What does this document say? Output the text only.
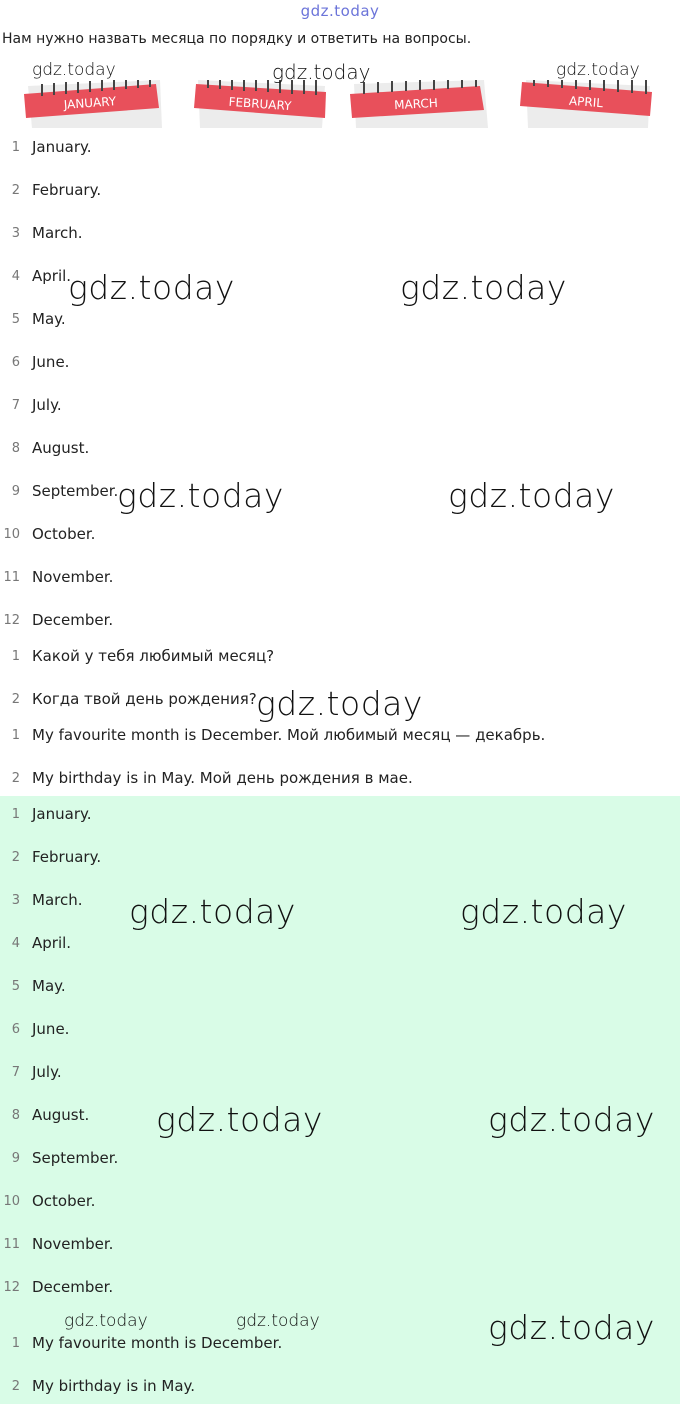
gdz.today
Нам нужно назвать месяца по порядку и ответить на вопросы.
JANUARY	FEBRUARY	MARCH	APRIL
1 January.
2 February.
3 March.
4 April.
5 May.
6 June.
7 July.
8 August.
9 September.
10 October.
11 November.
12 December.
1 Какой у тебя любимый месяц?
2 Когда твой день рождения?
1 My favourite month is December. Мой любимый месяц — декабрь.
2 My birthday is in May. Мой день рождения в мае.
1 January.
2 February.
3 March.
4 April.
5 May.
6 June.
7 July.
8 August.
9 September.
10 October.
11 November.
12 December.
1 My favourite month is December.
2 My birthday is in May.
gdz.today	gdz.today	gdz.today
gdz.today	gdz.today
gdz.today	gdz.today
gdz.today
gdz.today	gdz.today
gdz.today	gdz.today
gdz.today	gdz.today	gdz.today
